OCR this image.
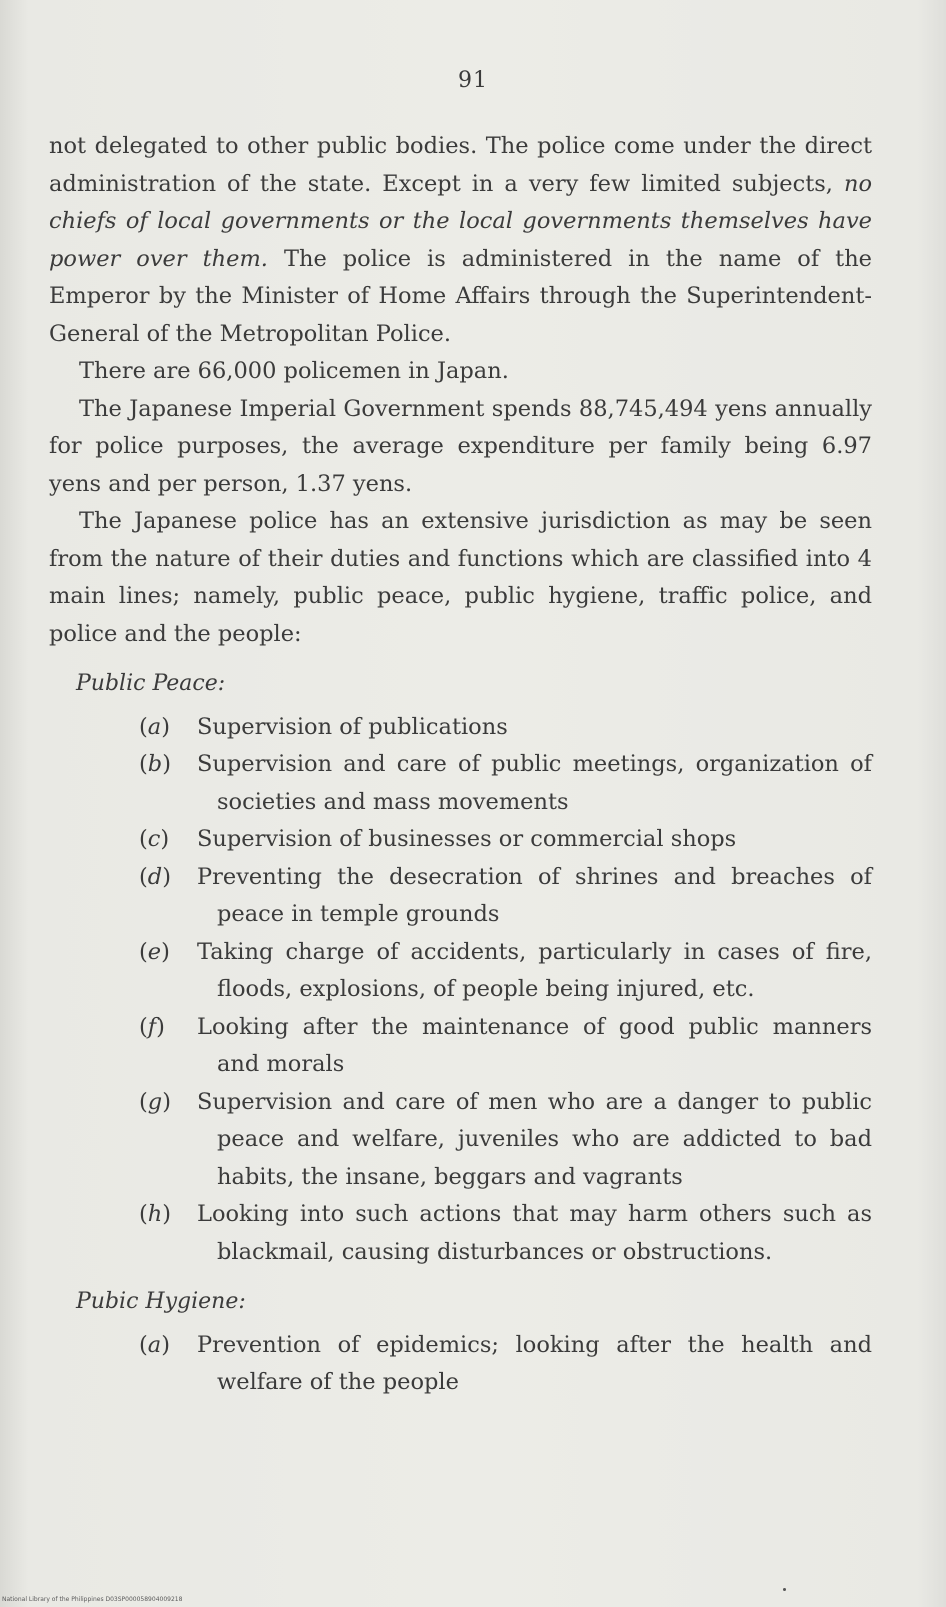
91

not delegated to other public bodies. The police come under the direct administration of the state. Except in a very few limited subjects, no chiefs of local governments or the local governments themselves have power over them. The police is administered in the name of the Emperor by the Minister of Home Affairs through the Superintendent-General of the Metropolitan Police.

There are 66,000 policemen in Japan.

The Japanese Imperial Government spends 88,745,494 yens annually for police purposes, the average expenditure per family being 6.97 yens and per person, 1.37 yens.

The Japanese police has an extensive jurisdiction as may be seen from the nature of their duties and functions which are classified into 4 main lines; namely, public peace, public hygiene, traffic police, and police and the people:

Public Peace:
(a) Supervision of publications
(b) Supervision and care of public meetings, organization of societies and mass movements
(c) Supervision of businesses or commercial shops
(d) Preventing the desecration of shrines and breaches of peace in temple grounds
(e) Taking charge of accidents, particularly in cases of fire, floods, explosions, of people being injured, etc.
(f) Looking after the maintenance of good public manners and morals
(g) Supervision and care of men who are a danger to public peace and welfare, juveniles who are addicted to bad habits, the insane, beggars and vagrants
(h) Looking into such actions that may harm others such as blackmail, causing disturbances or obstructions.
Pubic Hygiene:
(a) Prevention of epidemics; looking after the health and welfare of the people
National Library of the Philippines D03SP000058904009218
